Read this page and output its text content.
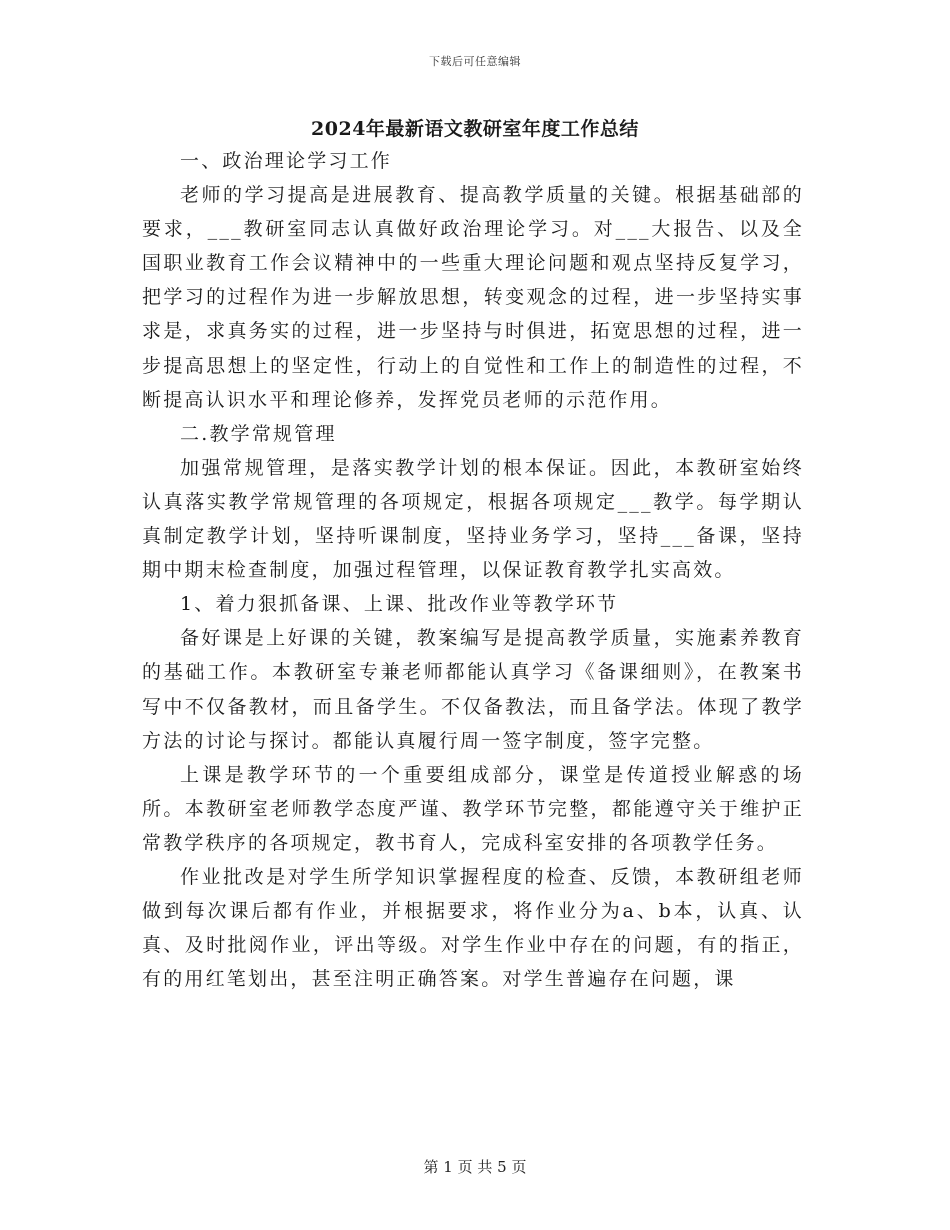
下载后可任意编辑
2024年最新语文教研室年度工作总结

一、政治理论学习工作

老师的学习提高是进展教育、提高教学质量的关键。根据基础部的要求，___教研室同志认真做好政治理论学习。对___大报告、以及全国职业教育工作会议精神中的一些重大理论问题和观点坚持反复学习，把学习的过程作为进一步解放思想，转变观念的过程，进一步坚持实事求是，求真务实的过程，进一步坚持与时俱进，拓宽思想的过程，进一步提高思想上的坚定性，行动上的自觉性和工作上的制造性的过程，不断提高认识水平和理论修养，发挥党员老师的示范作用。

二.教学常规管理

加强常规管理，是落实教学计划的根本保证。因此，本教研室始终认真落实教学常规管理的各项规定，根据各项规定___教学。每学期认真制定教学计划，坚持听课制度，坚持业务学习，坚持___备课，坚持期中期末检查制度，加强过程管理，以保证教育教学扎实高效。

1、着力狠抓备课、上课、批改作业等教学环节

备好课是上好课的关键，教案编写是提高教学质量，实施素养教育的基础工作。本教研室专兼老师都能认真学习《备课细则》，在教案书写中不仅备教材，而且备学生。不仅备教法，而且备学法。体现了教学方法的讨论与探讨。都能认真履行周一签字制度，签字完整。

上课是教学环节的一个重要组成部分，课堂是传道授业解惑的场所。本教研室老师教学态度严谨、教学环节完整，都能遵守关于维护正常教学秩序的各项规定，教书育人，完成科室安排的各项教学任务。

作业批改是对学生所学知识掌握程度的检查、反馈，本教研组老师做到每次课后都有作业，并根据要求，将作业分为a、b本，认真、认真、及时批阅作业，评出等级。对学生作业中存在的问题，有的指正，有的用红笔划出，甚至注明正确答案。对学生普遍存在问题，课

第 1 页 共 5 页
